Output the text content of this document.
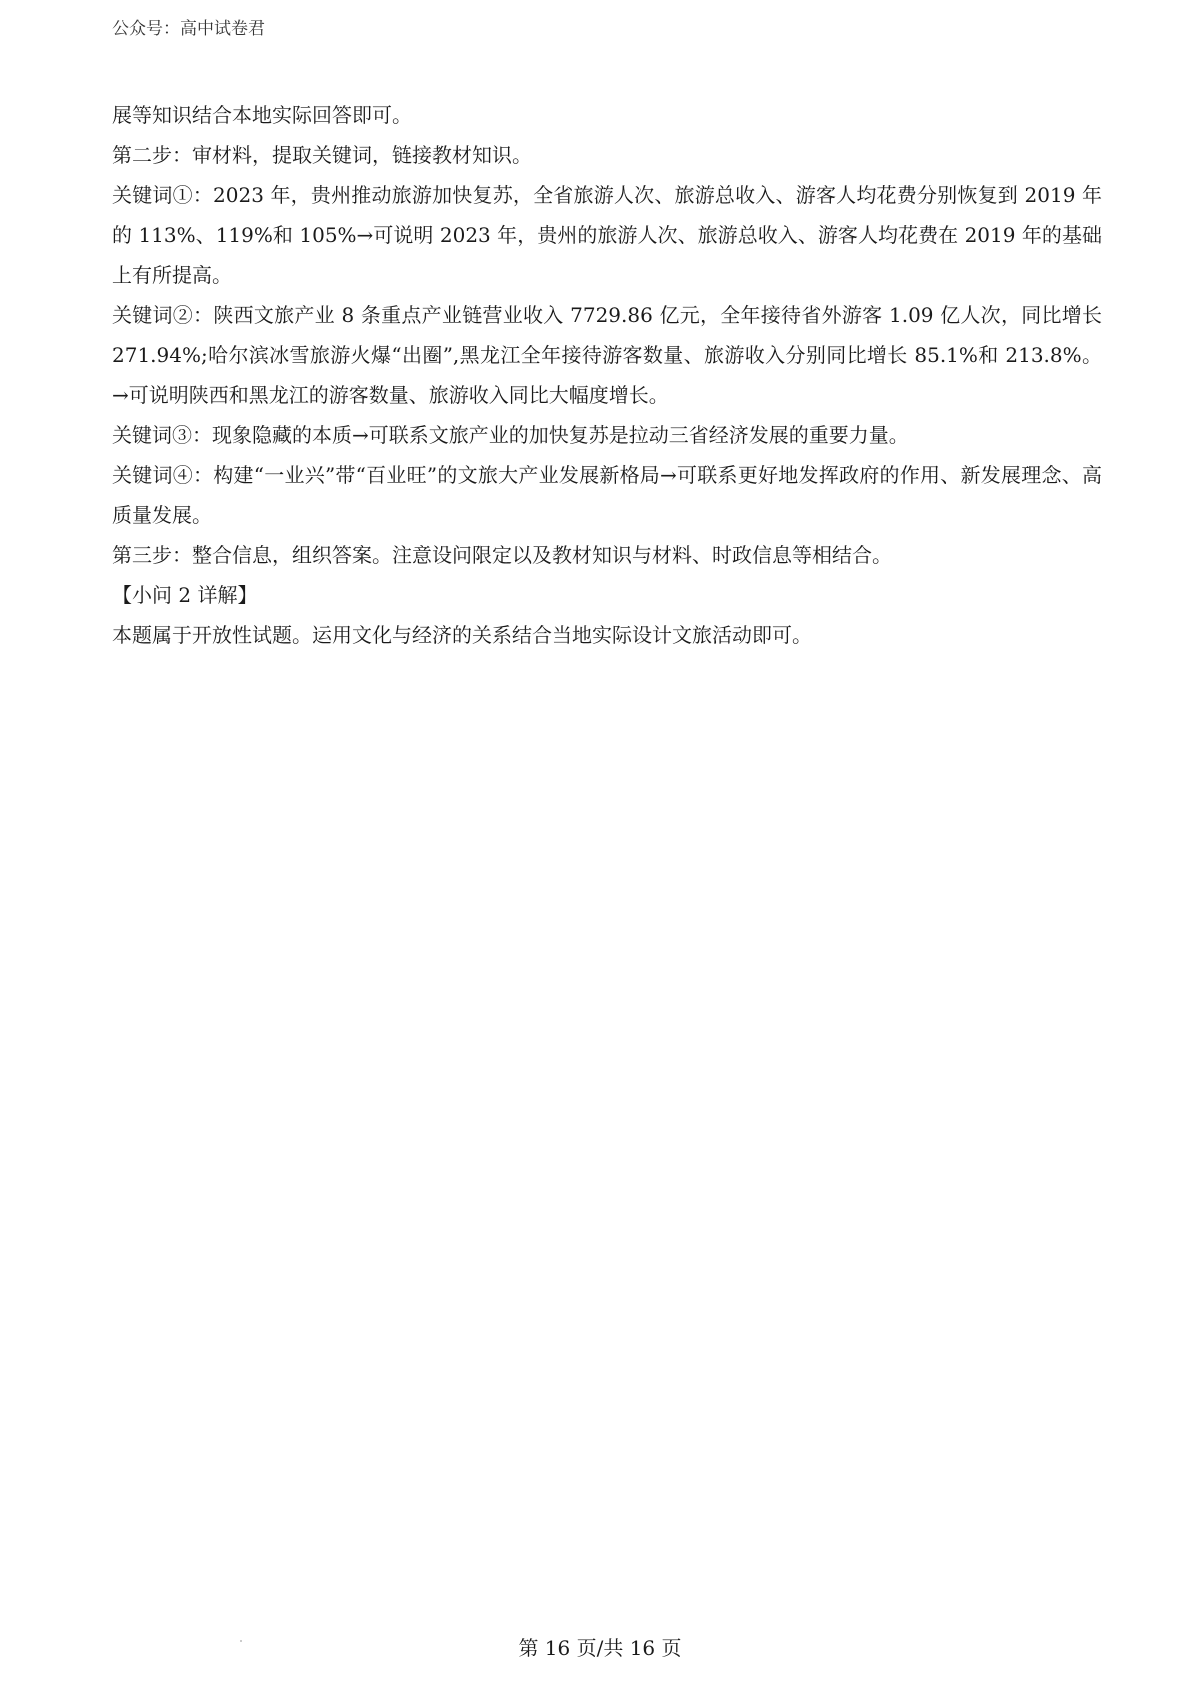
公众号：高中试卷君

展等知识结合本地实际回答即可。

第二步：审材料，提取关键词，链接教材知识。

关键词①：2023 年，贵州推动旅游加快复苏，全省旅游人次、旅游总收入、游客人均花费分别恢复到 2019 年的 113%、119%和 105%→可说明 2023 年，贵州的旅游人次、旅游总收入、游客人均花费在 2019 年的基础上有所提高。

关键词②：陕西文旅产业 8 条重点产业链营业收入 7729.86 亿元，全年接待省外游客 1.09 亿人次，同比增长 271.94%;哈尔滨冰雪旅游火爆“出圈”,黑龙江全年接待游客数量、旅游收入分别同比增长 85.1%和 213.8%。→可说明陕西和黑龙江的游客数量、旅游收入同比大幅度增长。

关键词③：现象隐藏的本质→可联系文旅产业的加快复苏是拉动三省经济发展的重要力量。

关键词④：构建“一业兴”带“百业旺”的文旅大产业发展新格局→可联系更好地发挥政府的作用、新发展理念、高质量发展。

第三步：整合信息，组织答案。注意设问限定以及教材知识与材料、时政信息等相结合。

【小问 2 详解】

本题属于开放性试题。运用文化与经济的关系结合当地实际设计文旅活动即可。

第 16 页/共 16 页
